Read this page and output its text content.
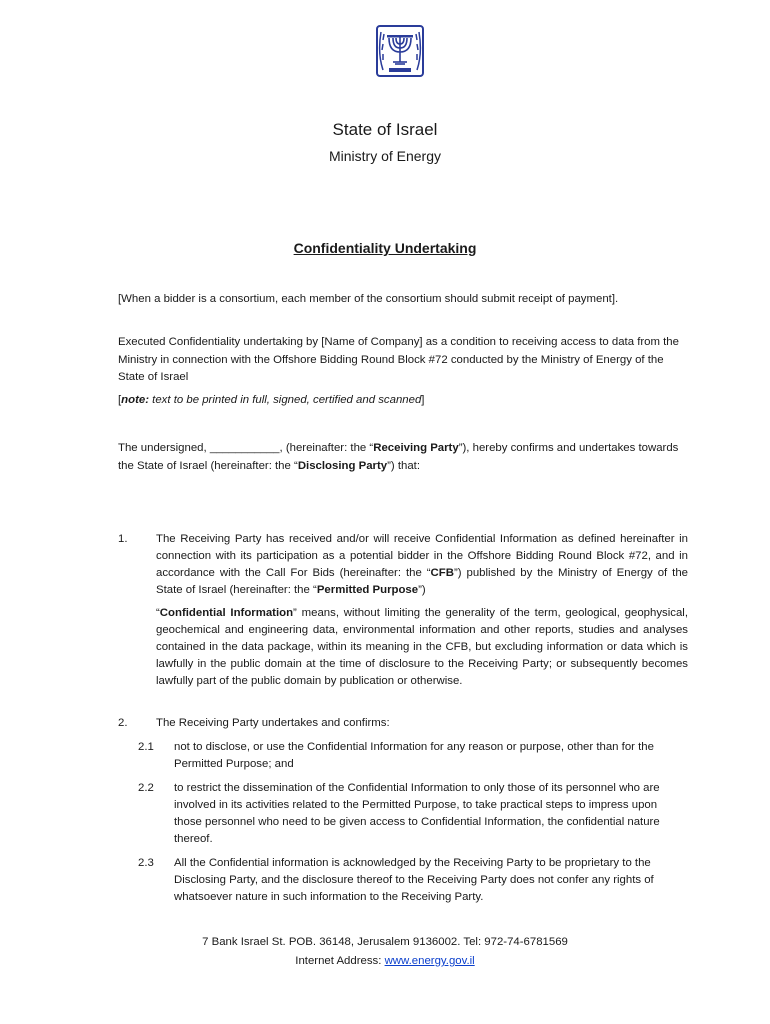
State of Israel
Ministry of Energy
Confidentiality Undertaking

[When a bidder is a consortium, each member of the consortium should submit receipt of payment].

Executed Confidentiality undertaking by [Name of Company] as a condition to receiving access to data from the Ministry in connection with the Offshore Bidding Round Block #72 conducted by the Ministry of Energy of the State of Israel

[note: text to be printed in full, signed, certified and scanned]

The undersigned, ___________, (hereinafter: the “Receiving Party”), hereby confirms and undertakes towards the State of Israel (hereinafter: the “Disclosing Party”) that:

1.	The Receiving Party has received and/or will receive Confidential Information as defined hereinafter in connection with its participation as a potential bidder in the Offshore Bidding Round Block #72, and in accordance with the Call For Bids (hereinafter: the “CFB”) published by the Ministry of Energy of the State of Israel (hereinafter: the “Permitted Purpose”)

“Confidential Information” means, without limiting the generality of the term, geological, geophysical, geochemical and engineering data, environmental information and other reports, studies and analyses contained in the data package, within its meaning in the CFB, but excluding information or data which is lawfully in the public domain at the time of disclosure to the Receiving Party; or subsequently becomes lawfully part of the public domain by publication or otherwise.

2.	The Receiving Party undertakes and confirms:

2.1 not to disclose, or use the Confidential Information for any reason or purpose, other than for the Permitted Purpose; and

2.2 to restrict the dissemination of the Confidential Information to only those of its personnel who are involved in its activities related to the Permitted Purpose, to take practical steps to impress upon those personnel who need to be given access to Confidential Information, the confidential nature thereof.

2.3 All the Confidential information is acknowledged by the Receiving Party to be proprietary to the Disclosing Party, and the disclosure thereof to the Receiving Party does not confer any rights of whatsoever nature in such information to the Receiving Party.

7 Bank Israel St. POB. 36148, Jerusalem 9136002. Tel: 972-74-6781569
Internet Address: www.energy.gov.il
